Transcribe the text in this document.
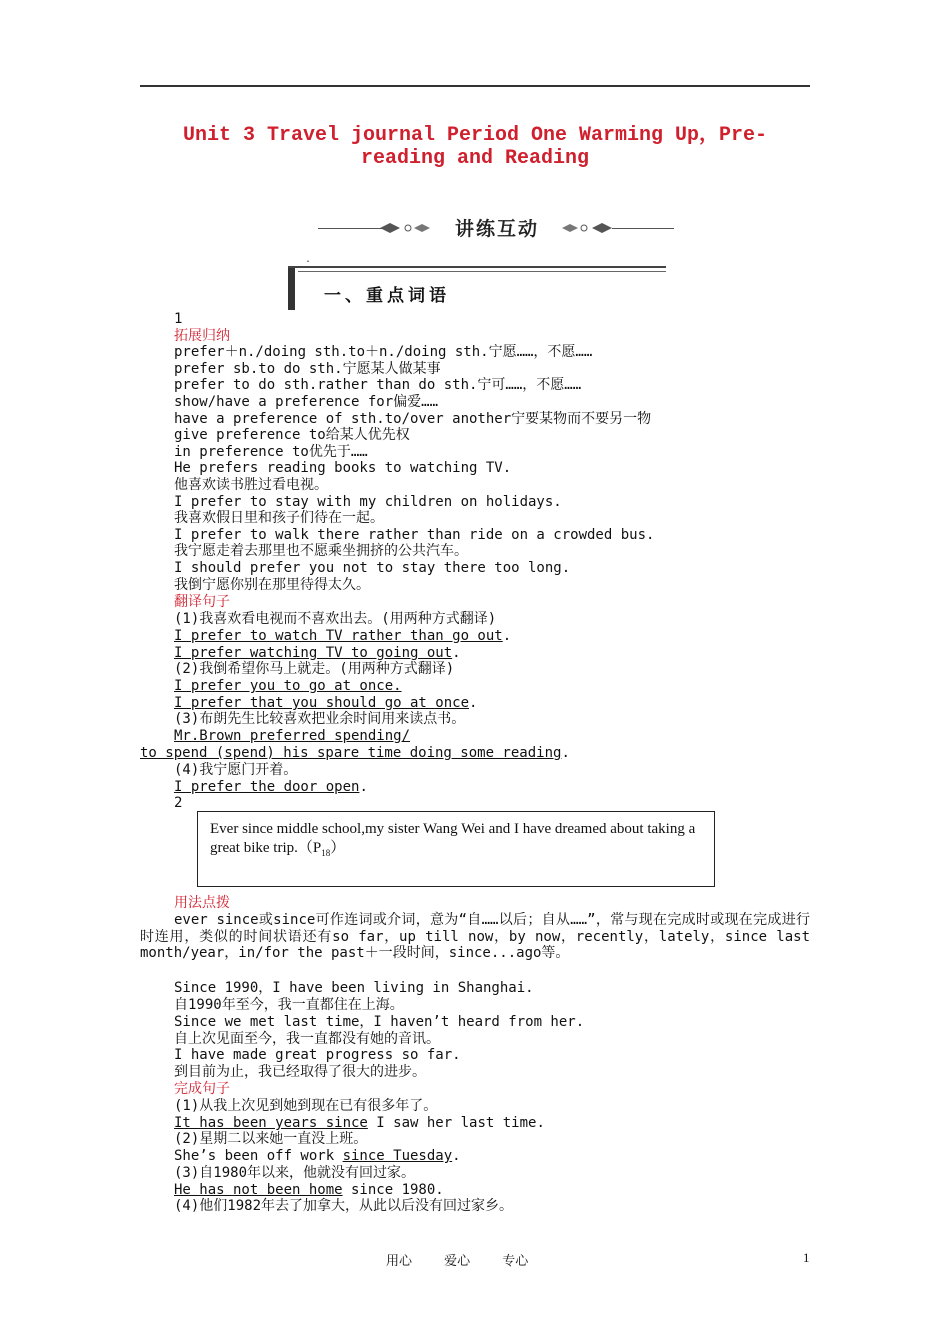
Unit 3 Travel journal Period One Warming Up，Pre-
reading and Reading
讲练互动
.
一、重点词语
1
拓展归纳
prefer＋n./doing sth.to＋n./doing sth.宁愿……，不愿……
prefer sb.to do sth.宁愿某人做某事
prefer to do sth.rather than do sth.宁可……，不愿……
show/have a preference for偏爱……
have a preference of sth.to/over another宁要某物而不要另一物
give preference to给某人优先权
in preference to优先于……
He prefers reading books to watching TV.
他喜欢读书胜过看电视。
I prefer to stay with my children on holidays.
我喜欢假日里和孩子们待在一起。
I prefer to walk there rather than ride on a crowded bus.
我宁愿走着去那里也不愿乘坐拥挤的公共汽车。
I should prefer you not to stay there too long.
我倒宁愿你别在那里待得太久。
翻译句子
(1)我喜欢看电视而不喜欢出去。(用两种方式翻译)
I prefer to watch TV rather than go out.
I prefer watching TV to going out.
(2)我倒希望你马上就走。(用两种方式翻译)
I prefer you to go at once.
I prefer that you should go at once.
(3)布朗先生比较喜欢把业余时间用来读点书。
Mr.Brown preferred spending/
to spend (spend) his spare time doing some reading.
(4)我宁愿门开着。
I prefer the door open.
2
Ever since middle school,my sister Wang Wei and I have dreamed about taking a great bike $trip.(P_{18})$
用法点拨
ever since或since可作连词或介词，意为“自……以后；自从……”，常与现在完成时或现在完成进行时连用，类似的时间状语还有so far，up till now，by now，recently，lately，since last month/year，in/for the past＋一段时间，since...ago等。
Since 1990，I have been living in Shanghai.
自1990年至今，我一直都住在上海。
Since we met last time，I haven’t heard from her.
自上次见面至今，我一直都没有她的音讯。
I have made great progress so far.
到目前为止，我已经取得了很大的进步。
完成句子
(1)从我上次见到她到现在已有很多年了。
It has been years since I saw her last time.
(2)星期二以来她一直没上班。
She’s been off work since Tuesday.
(3)自1980年以来，他就没有回过家。
He has not been home since 1980.
(4)他们1982年去了加拿大，从此以后没有回过家乡。
用心 爱心 专心	1
